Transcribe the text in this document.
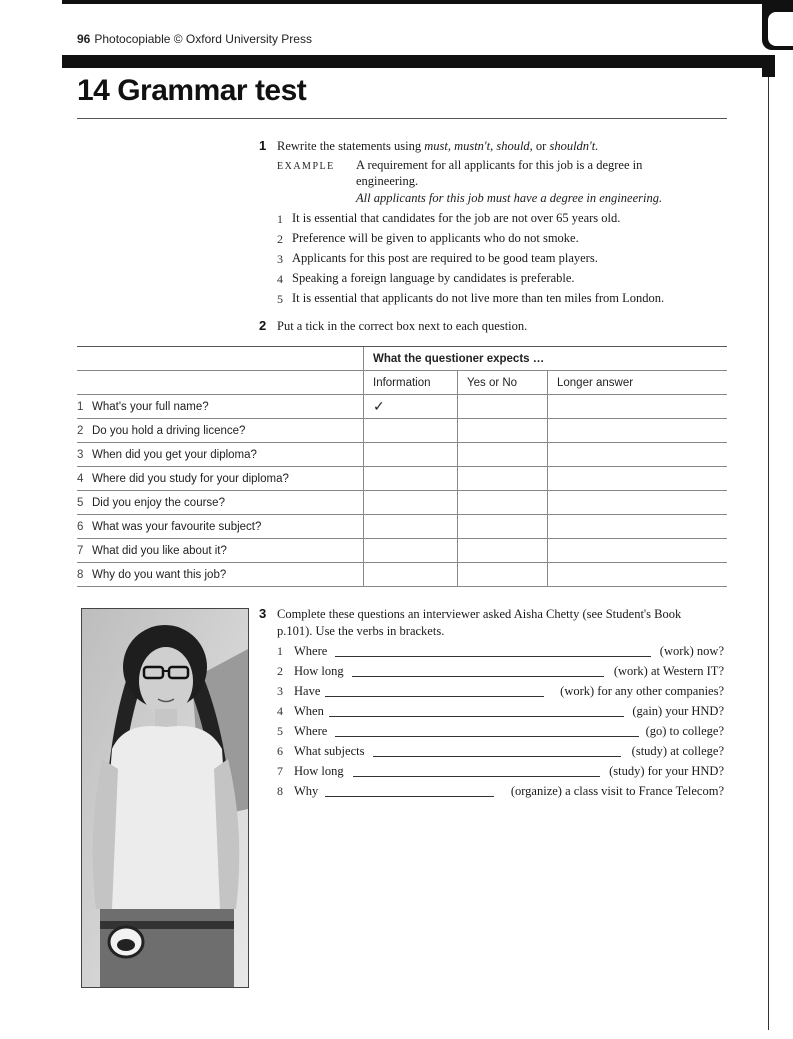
96 Photocopiable © Oxford University Press
14 Grammar test
1 Rewrite the statements using must, mustn't, should, or shouldn't.
EXAMPLE A requirement for all applicants for this job is a degree in
engineering.
All applicants for this job must have a degree in engineering.
1 It is essential that candidates for the job are not over 65 years old.
2 Preference will be given to applicants who do not smoke.
3 Applicants for this post are required to be good team players.
4 Speaking a foreign language by candidates is preferable.
5 It is essential that applicants do not live more than ten miles from London.
2 Put a tick in the correct box next to each question.
	What the questioner expects …		
	Information	Yes or No	Longer answer
1 What's your full name?	✓		
2 Do you hold a driving licence?			
3 When did you get your diploma?			
4 Where did you study for your diploma?			
5 Did you enjoy the course?			
6 What was your favourite subject?			
7 What did you like about it?			
8 Why do you want this job?			
3 Complete these questions an interviewer asked Aisha Chetty (see Student's Book
p.101). Use the verbs in brackets.
1 Where	(work) now?
2 How long	(work) at Western IT?
3 Have	(work) for any other companies?
4 When	(gain) your HND?
5 Where	(go) to college?
6 What subjects	(study) at college?
7 How long	(study) for your HND?
8 Why	(organize) a class visit to France Telecom?
